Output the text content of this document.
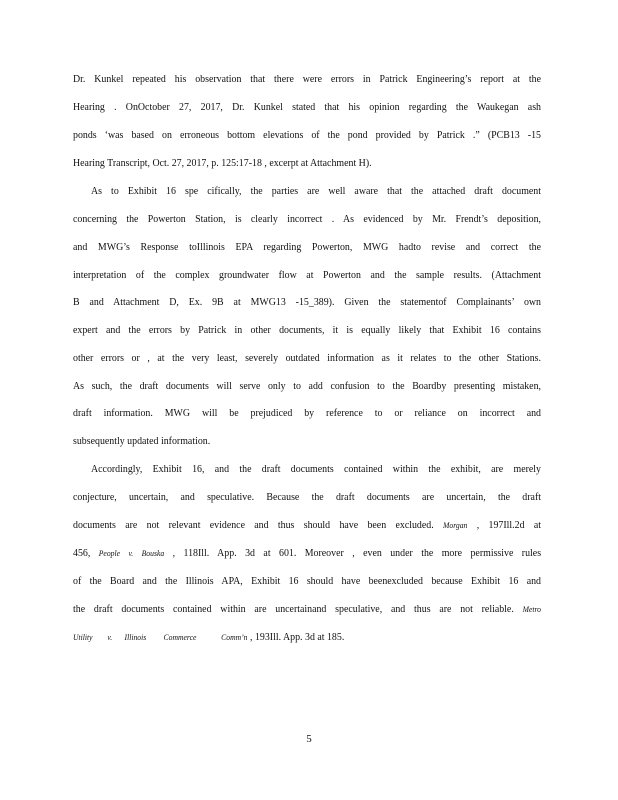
Dr. Kunkel repeated his observation that there were errors in Patrick Engineering’s report at the
Hearing . OnOctober 27, 2017, Dr. Kunkel stated that his opinion regarding the Waukegan ash
ponds ‘was based on erroneous bottom elevations of the pond provided by Patrick .” (PCB13 -15
Hearing Transcript, Oct. 27, 2017, p. 125:17-18 , excerpt at Attachment H).
As to Exhibit 16 spe cifically, the parties are well aware that the attached draft document
concerning the Powerton Station, is clearly incorrect . As evidenced by Mr. Frendt’s deposition,
and MWG’s Response toIllinois EPA regarding Powerton, MWG hadto revise and correct the
interpretation of the complex groundwater flow at Powerton and the sample results. (Attachment
B and Attachment D, Ex. 9B at MWG13 -15_389). Given the statementof Complainants’ own
expert and the errors by Patrick in other documents, it is equally likely that Exhibit 16 contains
other errors or , at the very least, severely outdated information as it relates to the other Stations.
As such, the draft documents will serve only to add confusion to the Boardby presenting mistaken,
draft information. MWG will be prejudiced by reference to or reliance on incorrect and
subsequently updated information.
Accordingly, Exhibit 16, and the draft documents contained within the exhibit, are merely
conjecture, uncertain, and speculative. Because the draft documents are uncertain, the draft
documents are not relevant evidence and thus should have been excluded. Morgan , 197Ill.2d at
456, People v. Bouska , 118Ill. App. 3d at 601. Moreover , even under the more permissive rules
of the Board and the Illinois APA, Exhibit 16 should have beenexcluded because Exhibit 16 and
the draft documents contained within are uncertainand speculative, and thus are not reliable. Metro
Utility v. Illinois Commerce	Comm’n , 193Ill. App. 3d at 185.
5
